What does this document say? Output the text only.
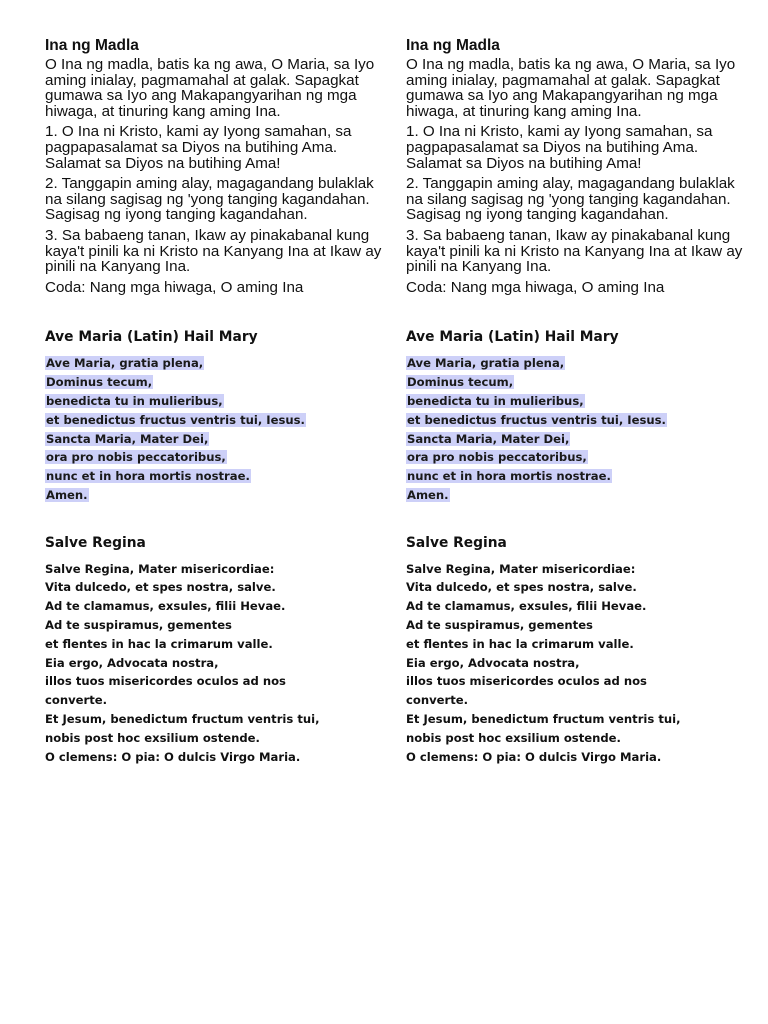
Ina ng Madla

O Ina ng madla, batis ka ng awa, O Maria, sa Iyo aming inialay, pagmamahal at galak. Sapagkat gumawa sa Iyo ang Makapangyarihan ng mga hiwaga, at tinuring kang aming Ina.

1. O Ina ni Kristo, kami ay Iyong samahan, sa pagpapasalamat sa Diyos na butihing Ama. Salamat sa Diyos na butihing Ama!

2. Tanggapin aming alay, magagandang bulaklak na silang sagisag ng 'yong tanging kagandahan. Sagisag ng iyong tanging kagandahan.

3. Sa babaeng tanan, Ikaw ay pinakabanal kung kaya't pinili ka ni Kristo na Kanyang Ina at Ikaw ay pinili na Kanyang Ina.

Coda: Nang mga hiwaga, O aming Ina

Ave Maria (Latin) Hail Mary
Ave Maria, gratia plena,
Dominus tecum,
benedicta tu in mulieribus,
et benedictus fructus ventris tui, Iesus.
Sancta Maria, Mater Dei,
ora pro nobis peccatoribus,
nunc et in hora mortis nostrae.
Amen.
Salve Regina
Salve Regina, Mater misericordiae:
Vita dulcedo, et spes nostra, salve.
Ad te clamamus, exsules, filii Hevae.
Ad te suspiramus, gementes
et flentes in hac la crimarum valle.
Eia ergo, Advocata nostra,
illos tuos misericordes oculos ad nos
converte.
Et Jesum, benedictum fructum ventris tui,
nobis post hoc exsilium ostende.
O clemens: O pia: O dulcis Virgo Maria.
Ina ng Madla

O Ina ng madla, batis ka ng awa, O Maria, sa Iyo aming inialay, pagmamahal at galak. Sapagkat gumawa sa Iyo ang Makapangyarihan ng mga hiwaga, at tinuring kang aming Ina.

1. O Ina ni Kristo, kami ay Iyong samahan, sa pagpapasalamat sa Diyos na butihing Ama. Salamat sa Diyos na butihing Ama!

2. Tanggapin aming alay, magagandang bulaklak na silang sagisag ng 'yong tanging kagandahan. Sagisag ng iyong tanging kagandahan.

3. Sa babaeng tanan, Ikaw ay pinakabanal kung kaya't pinili ka ni Kristo na Kanyang Ina at Ikaw ay pinili na Kanyang Ina.

Coda: Nang mga hiwaga, O aming Ina

Ave Maria (Latin) Hail Mary
Ave Maria, gratia plena,
Dominus tecum,
benedicta tu in mulieribus,
et benedictus fructus ventris tui, Iesus.
Sancta Maria, Mater Dei,
ora pro nobis peccatoribus,
nunc et in hora mortis nostrae.
Amen.
Salve Regina
Salve Regina, Mater misericordiae:
Vita dulcedo, et spes nostra, salve.
Ad te clamamus, exsules, filii Hevae.
Ad te suspiramus, gementes
et flentes in hac la crimarum valle.
Eia ergo, Advocata nostra,
illos tuos misericordes oculos ad nos
converte.
Et Jesum, benedictum fructum ventris tui,
nobis post hoc exsilium ostende.
O clemens: O pia: O dulcis Virgo Maria.
